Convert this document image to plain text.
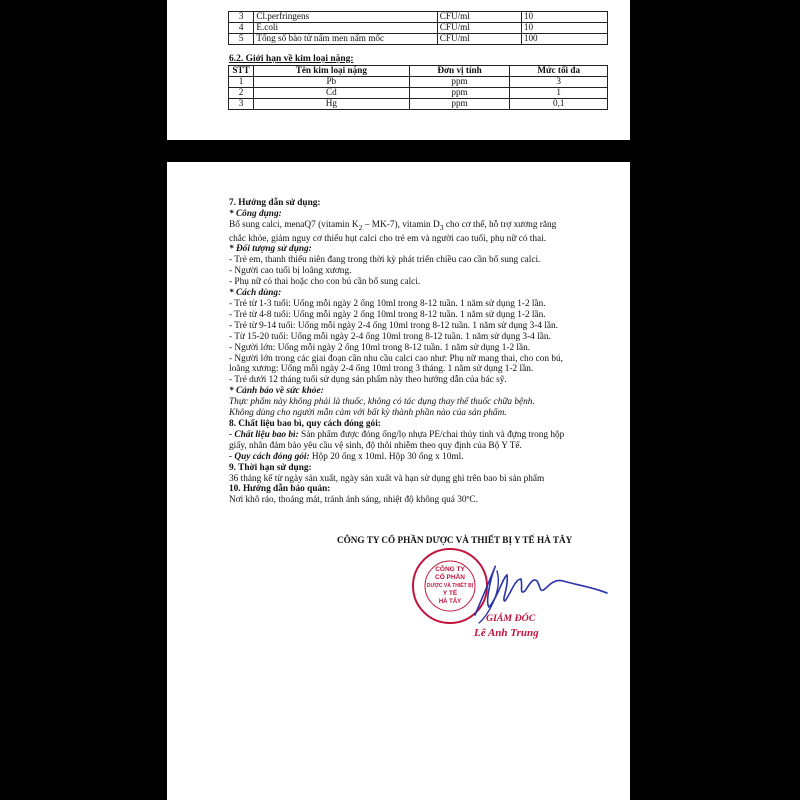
3	Cl.perfringens	CFU/ml	10
4	E.coli	CFU/ml	10
5	Tổng số bào tử nấm men nấm mốc	CFU/ml	100
6.2. Giới hạn về kim loại nặng:
STT	Tên kim loại nặng	Đơn vị tính	Mức tối đa
1	Pb	ppm	3
2	Cd	ppm	1
3	Hg	ppm	0,1
7. Hướng dẫn sử dụng:
* Công dụng:
Bổ sung calci, menaQ7 (vitamin $K_2 - MK-7$), vitamin $D_3$ cho cơ thể, hỗ trợ xương răng
chắc khỏe, giảm nguy cơ thiếu hụt calci cho trẻ em và người cao tuổi, phụ nữ có thai.
* Đối tượng sử dụng:
- Trẻ em, thanh thiếu niên đang trong thời kỳ phát triển chiều cao cần bổ sung calci.
- Người cao tuổi bị loãng xương.
- Phụ nữ có thai hoặc cho con bú cần bổ sung calci.
* Cách dùng:
- Trẻ từ 1-3 tuổi: Uống mỗi ngày 2 ống 10ml trong 8-12 tuần. 1 năm sử dụng 1-2 lần.
- Trẻ từ 4-8 tuổi: Uống mỗi ngày 2 ống 10ml trong 8-12 tuần. 1 năm sử dụng 1-2 lần.
- Trẻ từ 9-14 tuổi: Uống mỗi ngày 2-4 ống 10ml trong 8-12 tuần. 1 năm sử dụng 3-4 lần.
- Từ 15-20 tuổi: Uống mỗi ngày 2-4 ống 10ml trong 8-12 tuần. 1 năm sử dụng 3-4 lần.
- Người lớn: Uống mỗi ngày 2 ống 10ml trong 8-12 tuần. 1 năm sử dụng 1-2 lần.
- Người lớn trong các giai đoạn cần nhu cầu calci cao như: Phụ nữ mang thai, cho con bú,
loãng xương: Uống mỗi ngày 2-4 ống 10ml trong 3 tháng. 1 năm sử dụng 1-2 lần.
- Trẻ dưới 12 tháng tuổi sử dụng sản phẩm này theo hướng dẫn của bác sỹ.
* Cảnh báo về sức khỏe:
Thực phẩm này không phải là thuốc, không có tác dụng thay thế thuốc chữa bệnh.
Không dùng cho người mẫn cảm với bất kỳ thành phần nào của sản phẩm.
8. Chất liệu bao bì, quy cách đóng gói:
- Chất liệu bao bì: Sản phẩm được đóng ống/lọ nhựa PE/chai thủy tinh và đựng trong hộp
giấy, nhãn đảm bảo yêu cầu vệ sinh, độ thôi nhiễm theo quy định của Bộ Y Tế.
- Quy cách đóng gói: Hộp 20 ống x 10ml. Hộp 30 ống x 10ml.
9. Thời hạn sử dụng:
36 tháng kể từ ngày sản xuất, ngày sản xuất và hạn sử dụng ghi trên bao bì sản phẩm
10. Hướng dẫn bảo quản:
Nơi khô ráo, thoáng mát, tránh ánh sáng, nhiệt độ không quá 30ºC.
CÔNG TY CỔ PHẦN DƯỢC VÀ THIẾT BỊ Y TẾ HÀ TÂY
CÔNG TY
CỔ PHẦN
DƯỢC VÀ THIẾT BỊ
Y TẾ
HÀ TÂY
GIÁM ĐỐC
Lê Anh Trung
